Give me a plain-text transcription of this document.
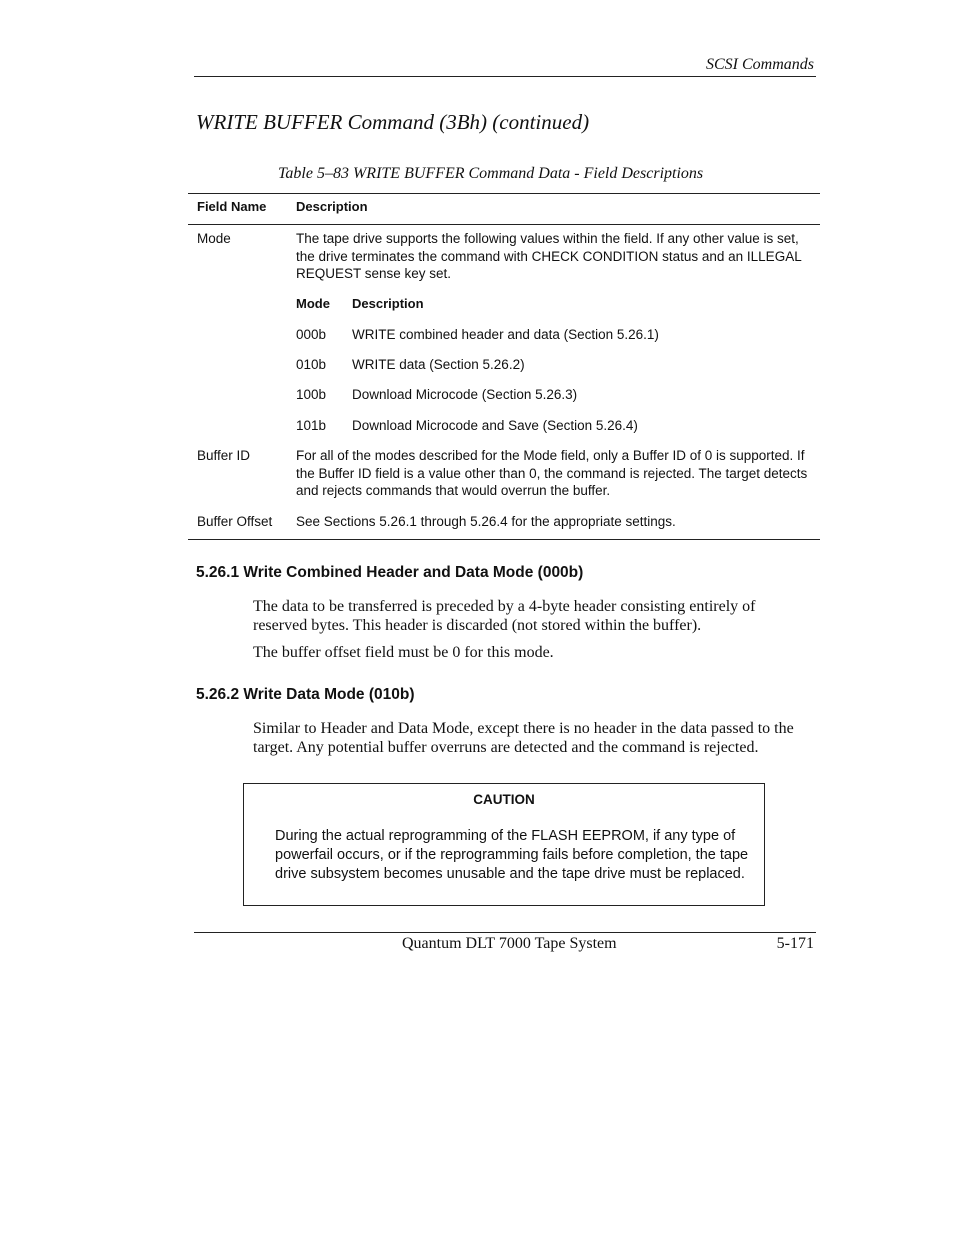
SCSI Commands
WRITE BUFFER Command (3Bh) (continued)
Table 5–83 WRITE BUFFER Command Data - Field Descriptions
Field Name Description
Mode	The tape drive supports the following values within the field. If any other value is set, the drive terminates the command with CHECK CONDITION status and an ILLEGAL REQUEST sense key set.
Mode Description
000b WRITE combined header and data (Section 5.26.1)
010b WRITE data (Section 5.26.2)
100b Download Microcode (Section 5.26.3)
101b Download Microcode and Save (Section 5.26.4)
Buffer ID	For all of the modes described for the Mode field, only a Buffer ID of 0 is supported. If the Buffer ID field is a value other than 0, the command is rejected. The target detects and rejects commands that would overrun the buffer.
Buffer Offset See Sections 5.26.1 through 5.26.4 for the appropriate settings.
5.26.1 Write Combined Header and Data Mode (000b)
The data to be transferred is preceded by a 4-byte header consisting entirely of reserved bytes. This header is discarded (not stored within the buffer).
The buffer offset field must be 0 for this mode.
5.26.2 Write Data Mode (010b)
Similar to Header and Data Mode, except there is no header in the data passed to the target. Any potential buffer overruns are detected and the command is rejected.
CAUTION
During the actual reprogramming of the FLASH EEPROM, if any type of powerfail occurs, or if the reprogramming fails before completion, the tape drive subsystem becomes unusable and the tape drive must be replaced.
Quantum DLT 7000 Tape System	5-171
